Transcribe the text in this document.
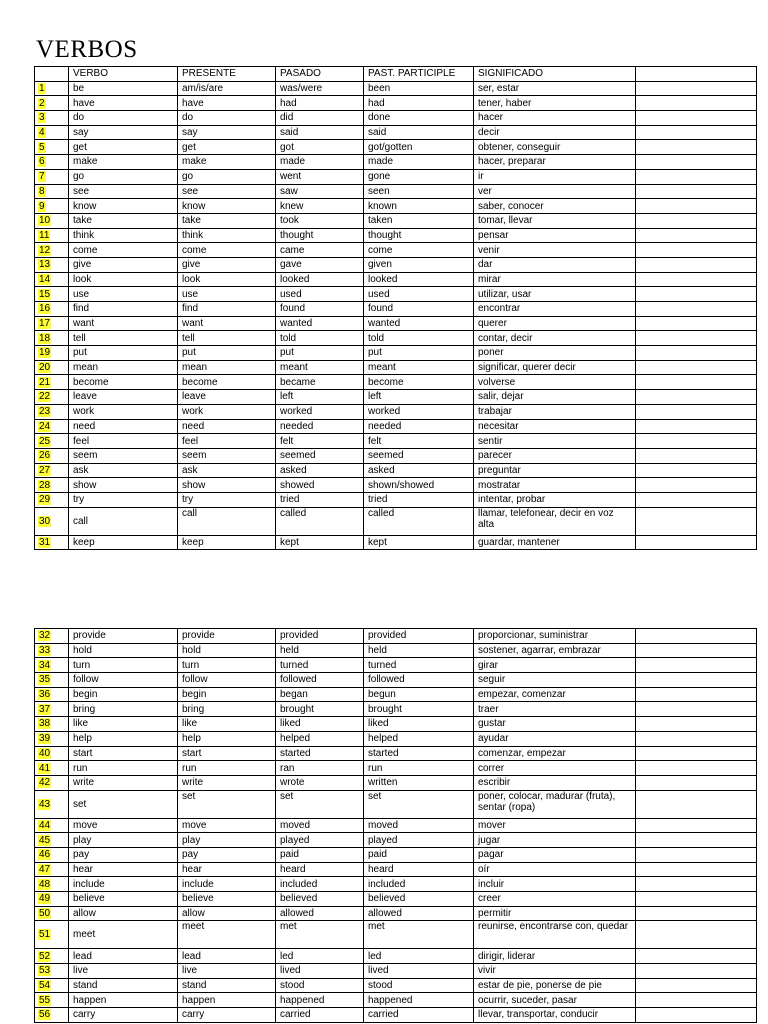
VERBOS
	VERBO	PRESENTE	PASADO	PAST. PARTICIPLE	SIGNIFICADO	
1	be	am/is/are	was/were	been	ser, estar	
2	have	have	had	had	tener, haber	
3	do	do	did	done	hacer	
4	say	say	said	said	decir	
5	get	get	got	got/gotten	obtener, conseguir	
6	make	make	made	made	hacer, preparar	
7	go	go	went	gone	ir	
8	see	see	saw	seen	ver	
9	know	know	knew	known	saber, conocer	
10	take	take	took	taken	tomar, llevar	
11	think	think	thought	thought	pensar	
12	come	come	came	come	venir	
13	give	give	gave	given	dar	
14	look	look	looked	looked	mirar	
15	use	use	used	used	utilizar, usar	
16	find	find	found	found	encontrar	
17	want	want	wanted	wanted	querer	
18	tell	tell	told	told	contar, decir	
19	put	put	put	put	poner	
20	mean	mean	meant	meant	significar, querer decir	
21	become	become	became	become	volverse	
22	leave	leave	left	left	salir, dejar	
23	work	work	worked	worked	trabajar	
24	need	need	needed	needed	necesitar	
25	feel	feel	felt	felt	sentir	
26	seem	seem	seemed	seemed	parecer	
27	ask	ask	asked	asked	preguntar	
28	show	show	showed	shown/showed	mostratar	
29	try	try	tried	tried	intentar, probar	
30	call	call	called	called	llamar, telefonear, decir en voz alta	
31	keep	keep	kept	kept	guardar, mantener	
32	provide	provide	provided	provided	proporcionar, suministrar	
33	hold	hold	held	held	sostener, agarrar, embrazar	
34	turn	turn	turned	turned	girar	
35	follow	follow	followed	followed	seguir	
36	begin	begin	began	begun	empezar, comenzar	
37	bring	bring	brought	brought	traer	
38	like	like	liked	liked	gustar	
39	help	help	helped	helped	ayudar	
40	start	start	started	started	comenzar, empezar	
41	run	run	ran	run	correr	
42	write	write	wrote	written	escribir	
43	set	set	set	set	poner, colocar, madurar (fruta), sentar (ropa)	
44	move	move	moved	moved	mover	
45	play	play	played	played	jugar	
46	pay	pay	paid	paid	pagar	
47	hear	hear	heard	heard	oír	
48	include	include	included	included	incluir	
49	believe	believe	believed	believed	creer	
50	allow	allow	allowed	allowed	permitir	
51	meet	meet	met	met	reunirse, encontrarse con, quedar	
52	lead	lead	led	led	dirigir, liderar	
53	live	live	lived	lived	vivir	
54	stand	stand	stood	stood	estar de pie, ponerse de pie	
55	happen	happen	happened	happened	ocurrir, suceder, pasar	
56	carry	carry	carried	carried	llevar, transportar, conducir	
